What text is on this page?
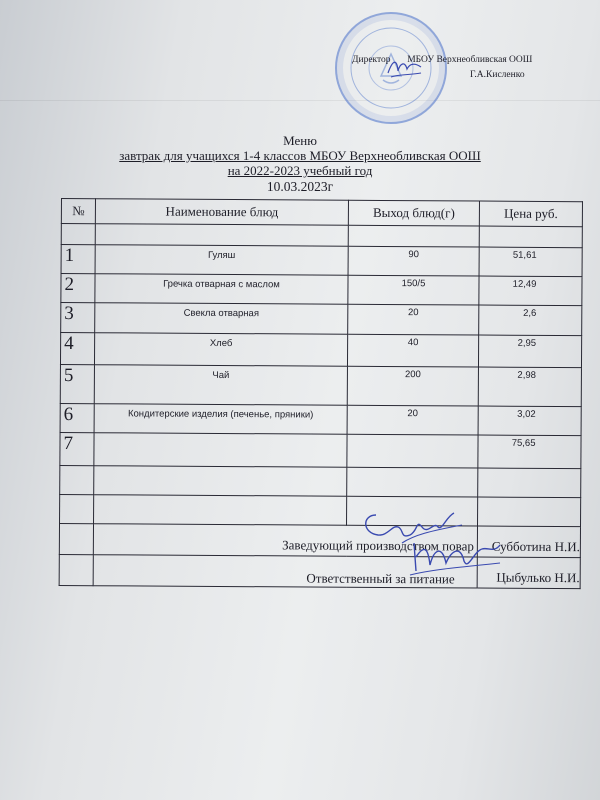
Директор МБОУ Верхнеобливская ООШ
Г.А.Кисленко
Меню
завтрак для учащихся 1-4 классов МБОУ Верхнеобливская ООШ
на 2022-2023 учебный год
10.03.2023г
№	Наименование блюд	Выход блюд(г)	Цена руб.

1	Гуляш	90	51,61
2	Гречка отварная с маслом	150/5	12,49
3	Свекла отварная	20	2,6
4	Хлеб	40	2,95
5	Чай	200	2,98
6	Кондитерские изделия (печенье, пряники)	20	3,02
7			75,65

	Заведующий производством повар		Субботина Н.И.
	Ответственный за питание		Цыбулько Н.И.
